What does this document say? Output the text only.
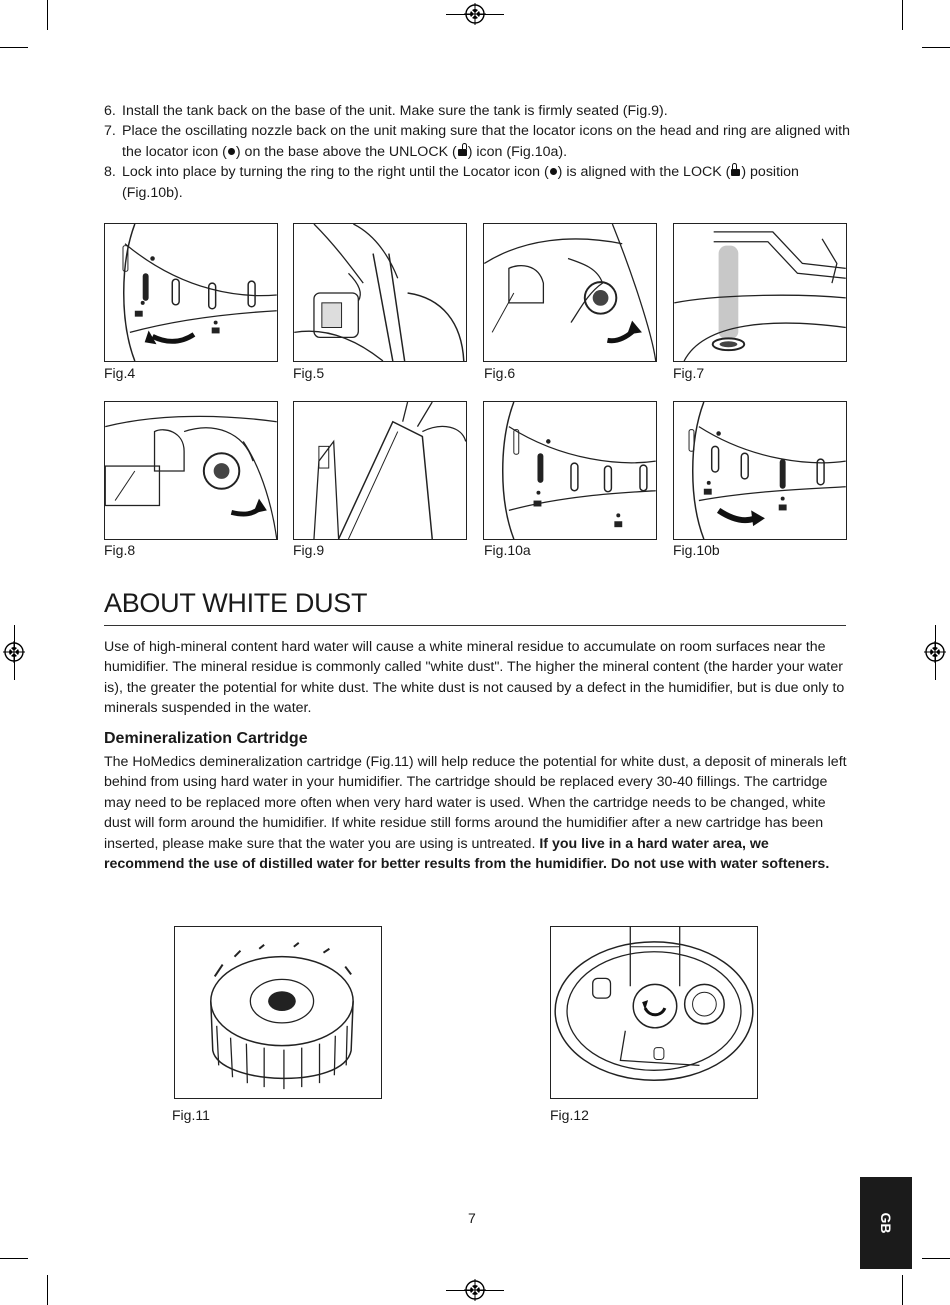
6. Install the tank back on the base of the unit. Make sure the tank is firmly seated (Fig.9).
7. Place the oscillating nozzle back on the unit making sure that the locator icons on the head and ring are aligned with the locator icon ( ) on the base above the UNLOCK ( ) icon (Fig.10a).
8. Lock into place by turning the ring to the right until the Locator icon ( ) is aligned with the LOCK ( ) position (Fig.10b).
Fig.4	Fig.5	Fig.6	Fig.7
Fig.8	Fig.9	Fig.10a	Fig.10b
ABOUT WHITE DUST

Use of high-mineral content hard water will cause a white mineral residue to accumulate on room surfaces near the humidifier. The mineral residue is commonly called "white dust". The higher the mineral content (the harder your water is), the greater the potential for white dust. The white dust is not caused by a defect in the humidifier, but is due only to minerals suspended in the water.

Demineralization Cartridge

The HoMedics demineralization cartridge (Fig.11) will help reduce the potential for white dust, a deposit of minerals left behind from using hard water in your humidifier. The cartridge should be replaced every 30-40 fillings. The cartridge may need to be replaced more often when very hard water is used. When the cartridge needs to be changed, white dust will form around the humidifier. If white residue still forms around the humidifier after a new cartridge has been inserted, please make sure that the water you are using is untreated. If you live in a hard water area, we recommend the use of distilled water for better results from the humidifier. Do not use with water softeners.

Fig.11	Fig.12
7	GB
